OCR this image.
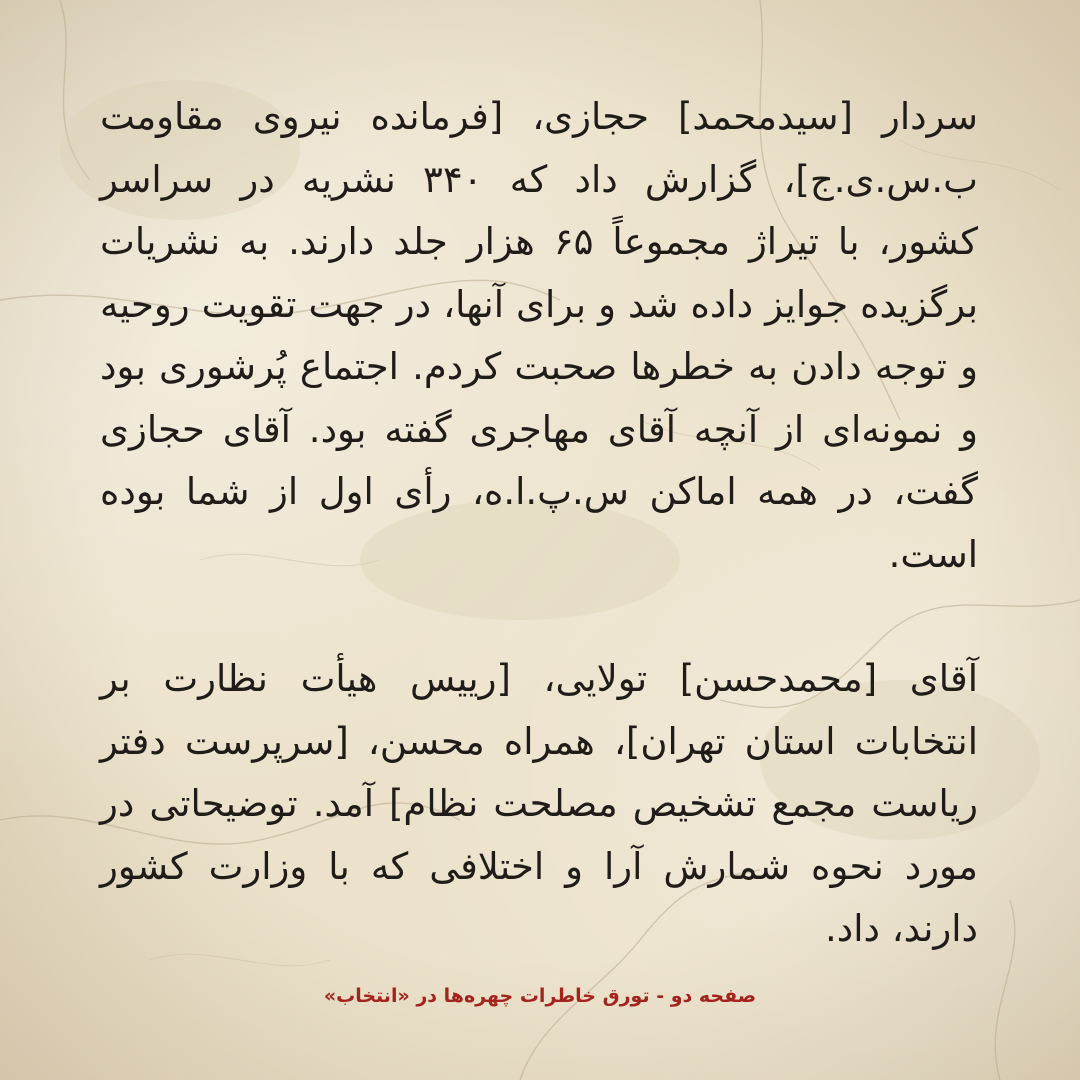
سردار [سیدمحمد] حجازی، [فرمانده نیروی مقاومت ب.س.ی.ج]، گزارش داد که ۳۴۰ نشریه در سراسر کشور، با تیراژ مجموعاً ۶۵ هزار جلد دارند. به نشریات برگزیده جوایز داده شد و برای آنها، در جهت تقویت روحیه و توجه دادن به خطرها صحبت کردم. اجتماع پُرشوری بود و نمونه‌ای از آنچه آقای مهاجری گفته بود. آقای حجازی گفت، در همه اماکن س.پ.ا.ه، رأی اول از شما بوده است.

آقای [محمدحسن] تولایی، [رییس هیأت نظارت بر انتخابات استان تهران]، همراه محسن، [سرپرست دفتر ریاست مجمع تشخیص مصلحت نظام] آمد. توضیحاتی در مورد نحوه شمارش آرا و اختلافی که با وزارت کشور دارند، داد.

صفحه دو - تورق خاطرات چهره‌ها در «انتخاب»
